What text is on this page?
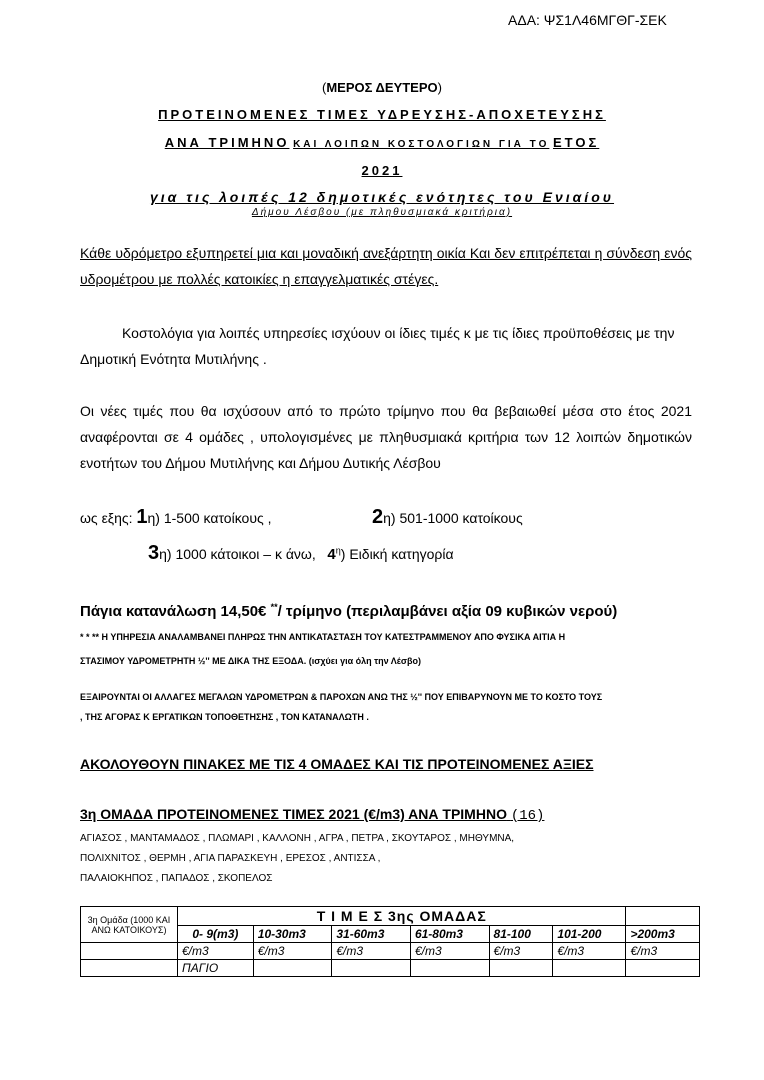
ΑΔΑ: ΨΣ1Λ46ΜΓΘΓ-ΣΕΚ
(ΜΕΡΟΣ ΔΕΥΤΕΡΟ)
ΠΡΟΤΕΙΝΟΜΕΝΕΣ ΤΙΜΕΣ ΥΔΡΕΥΣΗΣ-ΑΠΟΧΕΤΕΥΣΗΣ
ΑΝΑ ΤΡΙΜΗΝΟ ΚΑΙ ΛΟΙΠΩΝ ΚΟΣΤΟΛΟΓΙΩΝ ΓΙΑ ΤΟ ΕΤΟΣ
2021
για τις λοιπές 12 δημοτικές ενότητες του Ενιαίου
Δήμου Λέσβου (με πληθυσμιακά κριτήρια)
Κάθε υδρόμετρο εξυπηρετεί μια και μοναδική ανεξάρτητη οικία Και δεν επιτρέπεται η σύνδεση ενός υδρομέτρου με πολλές κατοικίες η επαγγελματικές στέγες.
Κοστολόγια για λοιπές υπηρεσίες ισχύουν οι ίδιες τιμές κ με τις ίδιες προϋποθέσεις με την Δημοτική Ενότητα Μυτιλήνης .
Οι νέες τιμές που θα ισχύσουν από το πρώτο τρίμηνο που θα βεβαιωθεί μέσα στο έτος 2021 αναφέρονται σε 4 ομάδες , υπολογισμένες με πληθυσμιακά κριτήρια των 12 λοιπών δημοτικών ενοτήτων του Δήμου Μυτιλήνης και Δήμου Δυτικής Λέσβου
ως εξης: 1η) 1-500 κατοίκους ,	2η) 501-1000 κατοίκους
3η) 1000 κάτοικοι – κ άνω, $4^\eta$) Ειδική κατηγορία
Πάγια κατανάλωση 14,50€ **/ τρίμηνο (περιλαμβάνει αξία 09 κυβικών νερού)
* * ** Η ΥΠΗΡΕΣΙΑ ΑΝΑΛΑΜΒΑΝΕΙ ΠΛΗΡΩΣ ΤΗΝ ΑΝΤΙΚΑΤΑΣΤΑΣΗ ΤΟΥ ΚΑΤΕΣΤΡΑΜΜΕΝΟΥ ΑΠΟ ΦΥΣΙΚΑ ΑΙΤΙΑ Η
ΣΤΑΣΙΜΟΥ ΥΔΡΟΜΕΤΡΗΤΗ ½'' ΜΕ ΔΙΚΑ ΤΗΣ ΕΞΟΔΑ. (ισχύει για όλη την Λέσβο)
ΕΞΑΙΡΟΥΝΤΑΙ ΟΙ ΑΛΛΑΓΕΣ ΜΕΓΑΛΩΝ ΥΔΡΟΜΕΤΡΩΝ & ΠΑΡΟΧΩΝ ΑΝΩ ΤΗΣ ½'' ΠΟΥ ΕΠΙΒΑΡΥΝΟΥΝ ΜΕ ΤΟ ΚΟΣΤΟ ΤΟΥΣ
, ΤΗΣ ΑΓΟΡΑΣ Κ ΕΡΓΑΤΙΚΩΝ ΤΟΠΟΘΕΤΗΣΗΣ , ΤΟΝ ΚΑΤΑΝΑΛΩΤΗ .
ΑΚΟΛΟΥΘΟΥΝ ΠΙΝΑΚΕΣ ΜΕ ΤΙΣ 4 ΟΜΑΔΕΣ ΚΑΙ ΤΙΣ ΠΡΟΤΕΙΝΟΜΕΝΕΣ ΑΞΙΕΣ
3η ΟΜΑΔΑ ΠΡΟΤΕΙΝΟΜΕΝΕΣ ΤΙΜΕΣ 2021 (€/m3) ΑΝΑ ΤΡΙΜΗΝΟ (16)
ΑΓΙΑΣΟΣ , ΜΑΝΤΑΜΑΔΟΣ , ΠΛΩΜΑΡΙ , ΚΑΛΛΟΝΗ , ΑΓΡΑ , ΠΕΤΡΑ , ΣΚΟΥΤΑΡΟΣ , ΜΗΘΥΜΝΑ,
ΠΟΛΙΧΝΙΤΟΣ , ΘΕΡΜΗ , ΑΓΙΑ ΠΑΡΑΣΚΕΥΗ , ΕΡΕΣΟΣ , ΑΝΤΙΣΣΑ ,
ΠΑΛΑΙΟΚΗΠΟΣ , ΠΑΠΑΔΟΣ , ΣΚΟΠΕΛΟΣ
3η Ομάδα (1000 ΚΑΙ ΑΝΩ ΚΑΤΟΙΚΟΥΣ)	Τ Ι Μ Ε Σ 3ης ΟΜΑΔΑΣ						
	0- 9(m3)	10-30m3	31-60m3	61-80m3	81-100	101-200	>200m3
	€/m3	€/m3	€/m3	€/m3	€/m3	€/m3	€/m3
	ΠΑΓΙΟ						
